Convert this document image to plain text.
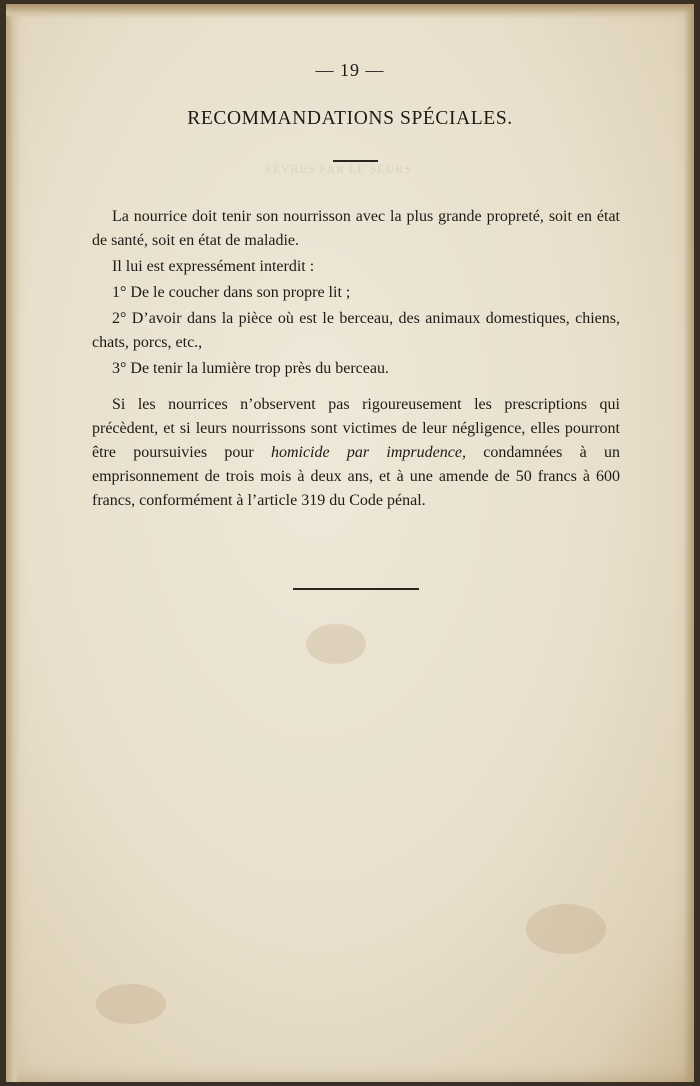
— 19 —
RECOMMANDATIONS SPÉCIALES.
SÉVRES PAR LE SEURS

La nourrice doit tenir son nourrisson avec la plus grande propreté, soit en état de santé, soit en état de maladie.

Il lui est expressément interdit :

1° De le coucher dans son propre lit ;

2° D’avoir dans la pièce où est le berceau, des animaux domestiques, chiens, chats, porcs, etc.,

3° De tenir la lumière trop près du berceau.

Si les nourrices n’observent pas rigoureusement les prescriptions qui précèdent, et si leurs nourrissons sont victimes de leur négligence, elles pourront être poursuivies pour homicide par imprudence, condamnées à un emprisonnement de trois mois à deux ans, et à une amende de 50 francs à 600 francs, conformément à l’article 319 du Code pénal.
